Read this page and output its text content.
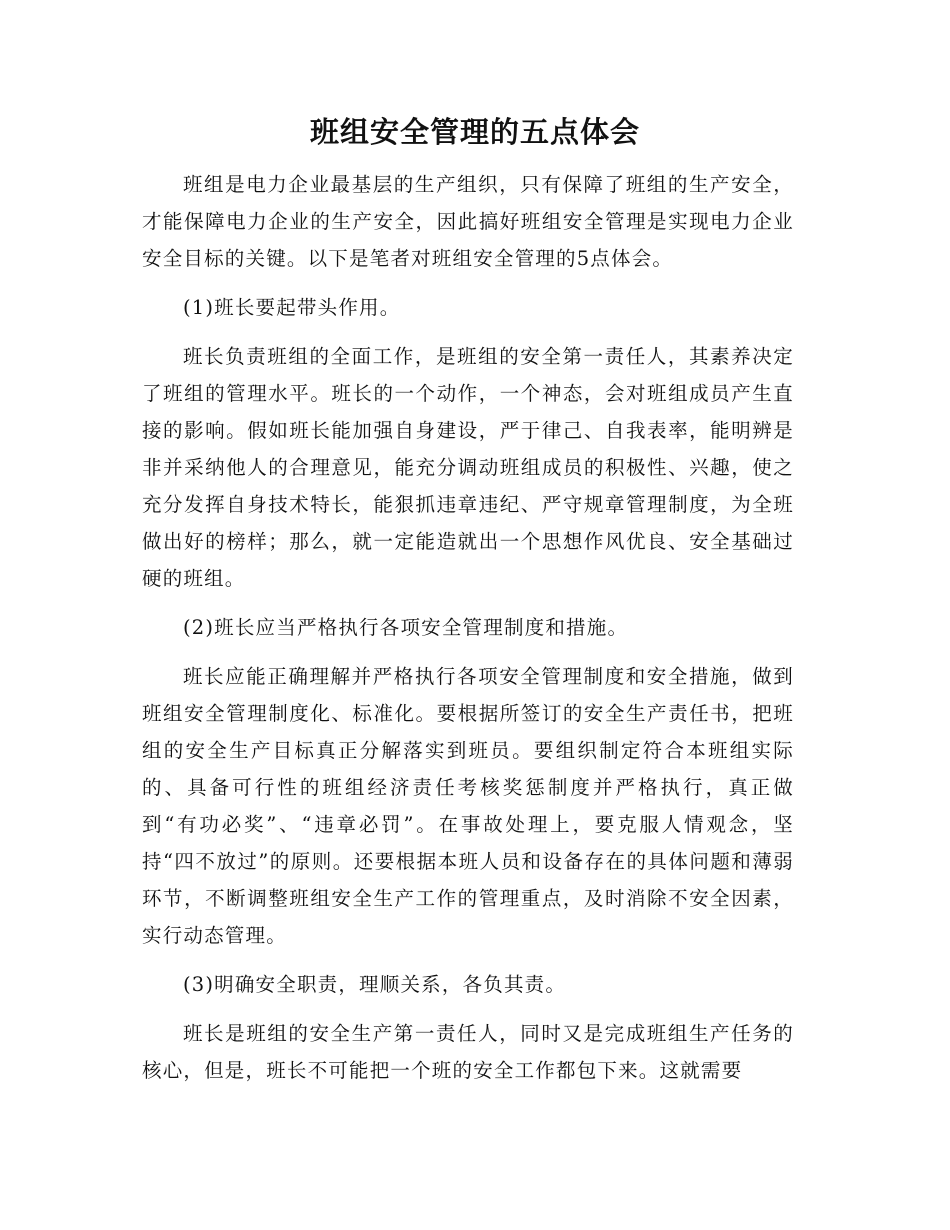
班组安全管理的五点体会

班组是电力企业最基层的生产组织，只有保障了班组的生产安全，才能保障电力企业的生产安全，因此搞好班组安全管理是实现电力企业安全目标的关键。以下是笔者对班组安全管理的5点体会。

(1)班长要起带头作用。

班长负责班组的全面工作，是班组的安全第一责任人，其素养决定了班组的管理水平。班长的一个动作，一个神态，会对班组成员产生直接的影响。假如班长能加强自身建设，严于律己、自我表率，能明辨是非并采纳他人的合理意见，能充分调动班组成员的积极性、兴趣，使之充分发挥自身技术特长，能狠抓违章违纪、严守规章管理制度，为全班做出好的榜样；那么，就一定能造就出一个思想作风优良、安全基础过硬的班组。

(2)班长应当严格执行各项安全管理制度和措施。

班长应能正确理解并严格执行各项安全管理制度和安全措施，做到班组安全管理制度化、标准化。要根据所签订的安全生产责任书，把班组的安全生产目标真正分解落实到班员。要组织制定符合本班组实际的、具备可行性的班组经济责任考核奖惩制度并严格执行，真正做到“有功必奖”、“违章必罚”。在事故处理上，要克服人情观念，坚持“四不放过”的原则。还要根据本班人员和设备存在的具体问题和薄弱环节，不断调整班组安全生产工作的管理重点，及时消除不安全因素，实行动态管理。

(3)明确安全职责，理顺关系，各负其责。

班长是班组的安全生产第一责任人，同时又是完成班组生产任务的核心，但是，班长不可能把一个班的安全工作都包下来。这就需要
